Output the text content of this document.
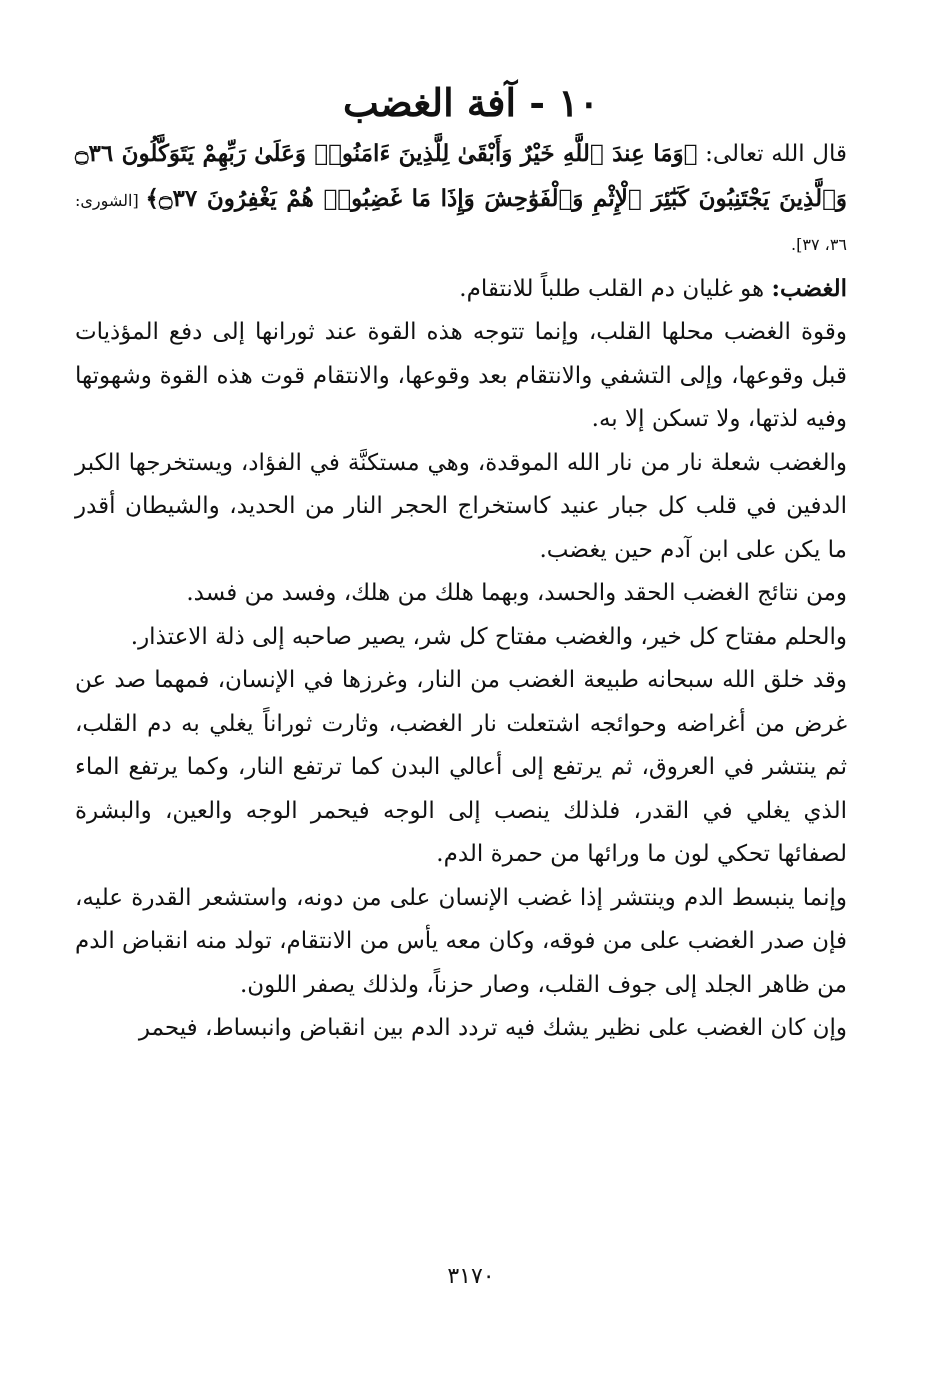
١٠ - آفة الغضب

قال الله تعالى: ﴿وَمَا عِندَ ٱللَّهِ خَيْرٌ وَأَبْقَىٰ لِلَّذِينَ ءَامَنُوا۟ وَعَلَىٰ رَبِّهِمْ يَتَوَكَّلُونَ ۝٣٦ وَٱلَّذِينَ يَجْتَنِبُونَ كَبَٰٓئِرَ ٱلْإِثْمِ وَٱلْفَوَٰحِشَ وَإِذَا مَا غَضِبُوا۟ هُمْ يَغْفِرُونَ ۝٣٧﴾ [الشورى: ٣٦، ٣٧].

الغضب: هو غليان دم القلب طلباً للانتقام.

وقوة الغضب محلها القلب، وإنما تتوجه هذه القوة عند ثورانها إلى دفع المؤذيات قبل وقوعها، وإلى التشفي والانتقام بعد وقوعها، والانتقام قوت هذه القوة وشهوتها وفيه لذتها، ولا تسكن إلا به.

والغضب شعلة نار من نار الله الموقدة، وهي مستكنَّة في الفؤاد، ويستخرجها الكبر الدفين في قلب كل جبار عنيد كاستخراج الحجر النار من الحديد، والشيطان أقدر ما يكن على ابن آدم حين يغضب.

ومن نتائج الغضب الحقد والحسد، وبهما هلك من هلك، وفسد من فسد.

والحلم مفتاح كل خير، والغضب مفتاح كل شر، يصير صاحبه إلى ذلة الاعتذار.

وقد خلق الله سبحانه طبيعة الغضب من النار، وغرزها في الإنسان، فمهما صد عن غرض من أغراضه وحوائجه اشتعلت نار الغضب، وثارت ثوراناً يغلي به دم القلب، ثم ينتشر في العروق، ثم يرتفع إلى أعالي البدن كما ترتفع النار، وكما يرتفع الماء الذي يغلي في القدر، فلذلك ينصب إلى الوجه فيحمر الوجه والعين، والبشرة لصفائها تحكي لون ما ورائها من حمرة الدم.

وإنما ينبسط الدم وينتشر إذا غضب الإنسان على من دونه، واستشعر القدرة عليه، فإن صدر الغضب على من فوقه، وكان معه يأس من الانتقام، تولد منه انقباض الدم من ظاهر الجلد إلى جوف القلب، وصار حزناً، ولذلك يصفر اللون.

وإن كان الغضب على نظير يشك فيه تردد الدم بين انقباض وانبساط، فيحمر

٣١٧٠
